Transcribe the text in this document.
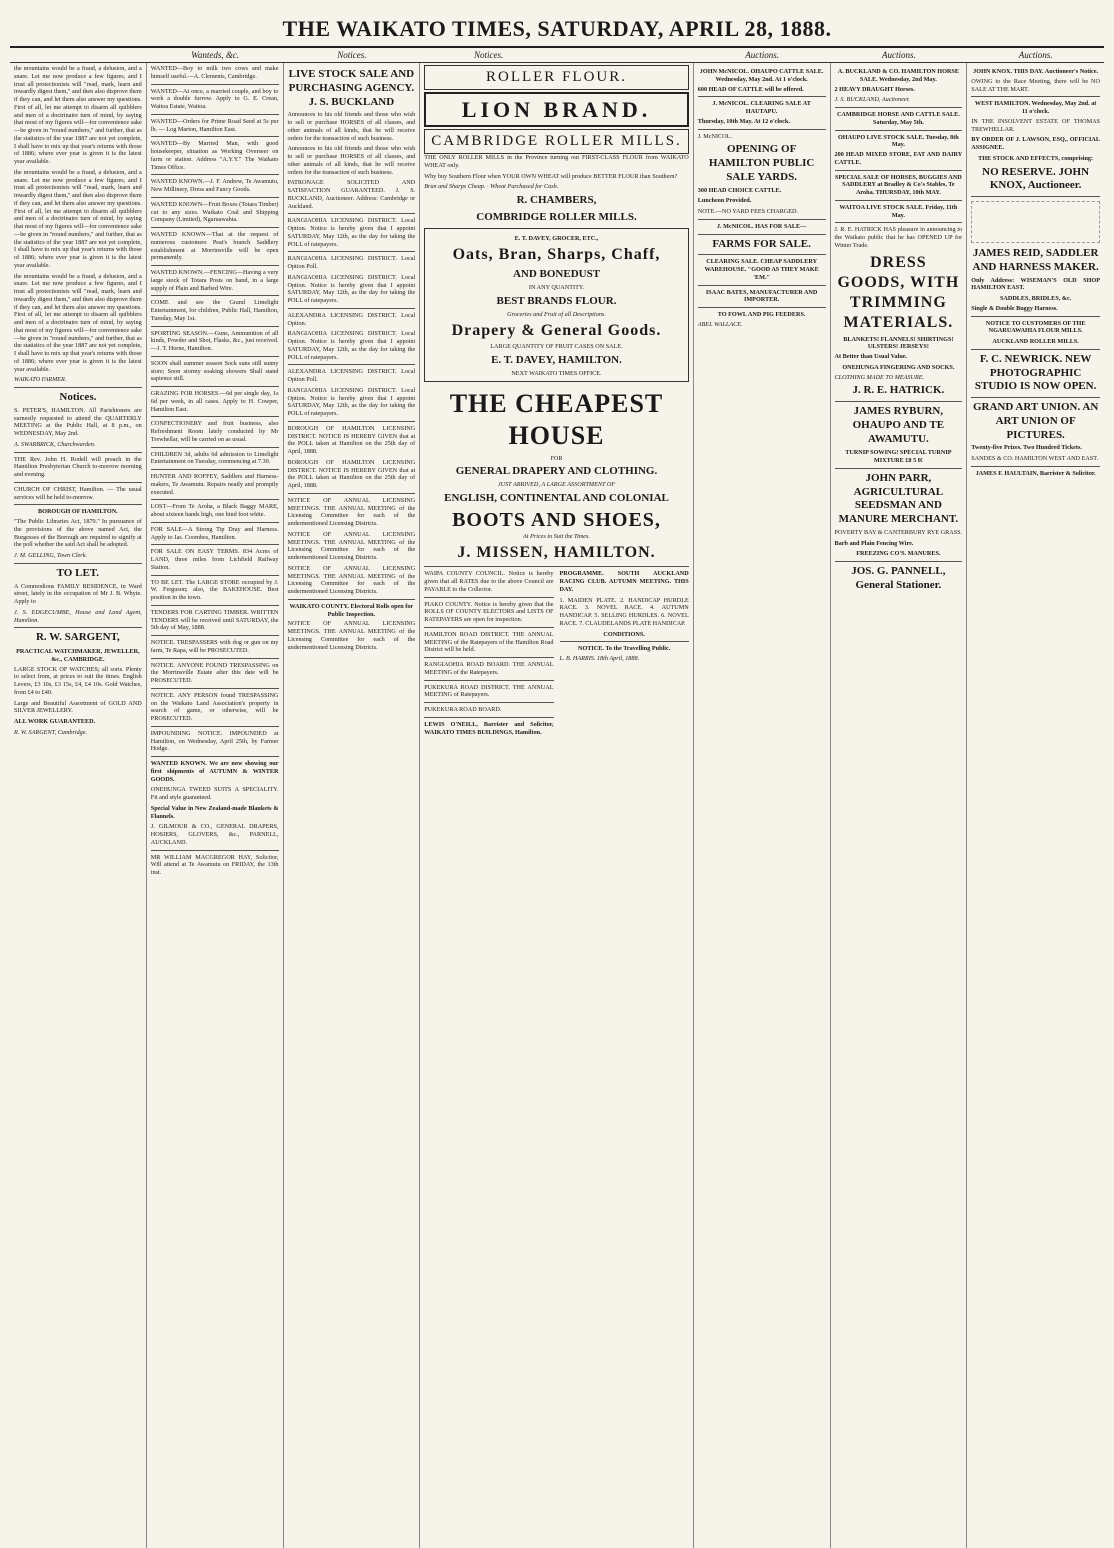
THE WAIKATO TIMES, SATURDAY, APRIL 28, 1888.
Wanteds, &c.	Notices.	Notices.	Auctions.	Auctions.	Auctions.

the mountains would be a fraud, a delusion, and a snare. Let me now produce a few figures, and I trust all protectionists will "read, mark, learn and inwardly digest them," and then also disprove them if they can, and let them also answer my questions. First of all, let me attempt to disarm all quibblers and men of a doctrinaire turn of mind, by saying that most of my figures will—for convenience sake—be given in "round numbers," and further, that as the statistics of the year 1887 are not yet complete, I shall have to mix up that year's returns with those of 1886; where ever year is given it is the latest year available.

the mountains would be a fraud, a delusion, and a snare. Let me now produce a few figures, and I trust all protectionists will "read, mark, learn and inwardly digest them," and then also disprove them if they can, and let them also answer my questions. First of all, let me attempt to disarm all quibblers and men of a doctrinaire turn of mind, by saying that most of my figures will—for convenience sake—be given in "round numbers," and further, that as the statistics of the year 1887 are not yet complete, I shall have to mix up that year's returns with those of 1886; where ever year is given it is the latest year available.

the mountains would be a fraud, a delusion, and a snare. Let me now produce a few figures, and I trust all protectionists will "read, mark, learn and inwardly digest them," and then also disprove them if they can, and let them also answer my questions. First of all, let me attempt to disarm all quibblers and men of a doctrinaire turn of mind, by saying that most of my figures will—for convenience sake—be given in "round numbers," and further, that as the statistics of the year 1887 are not yet complete, I shall have to mix up that year's returns with those of 1886; where ever year is given it is the latest year available.

WAIKATO FARMER.

Notices.

S. PETER'S, HAMILTON. All Parishioners are earnestly requested to attend the QUARTERLY MEETING at the Public Hall, at 8 p.m., on WEDNESDAY, May 2nd.

A. SWARBRICK, Churchwarden.

THE Rev. John H. Rodell will preach in the Hamilton Presbyterian Church to-morrow morning and evening.

CHURCH OF CHRIST, Hamilton. — The usual services will be held to-morrow.

BOROUGH OF HAMILTON.

"The Public Libraries Act, 1879." In pursuance of the provisions of the above named Act, the Burgesses of the Borough are required to signify at the poll whether the said Act shall be adopted.

J. M. GELLING, Town Clerk.

TO LET.

A Commodious FAMILY RESIDENCE, in Ward street, lately in the occupation of Mr J. B. Whyte. Apply to

J. S. EDGECUMBE, House and Land Agent, Hamilton.

R. W. SARGENT,
PRACTICAL WATCHMAKER, JEWELLER, &c., CAMBRIDGE.

LARGE STOCK OF WATCHES; all sorts. Plenty to select from, at prices to suit the times. English Levers, £3 10s, £3 15s, £4, £4 10s. Gold Watches, from £4 to £40.

Large and Beautiful Assortment of GOLD AND SILVER JEWELLERY.

ALL WORK GUARANTEED.

R. W. SARGENT, Cambridge.

WANTED—Boy to milk two cows and make himself useful.—A. Clements, Cambridge.

WANTED—At once, a married couple, and boy to work a double furrow. Apply to G. E. Crean, Waitoa Estate, Waitoa.

WANTED—Orders for Prime Road Seed at 5s per lb. — Log Marton, Hamilton East.

WANTED—By Married Man, with good housekeeper, situation as Working Overseer on farm or station. Address "A.Y.Y." The Waikato Times Office.

WANTED KNOWN.—J. F. Andrew, Te Awamutu, New Millinery, Dress and Fancy Goods.

WANTED KNOWN—Fruit Boxes (Totara Timber) cut to any sizes. Waikato Coal and Shipping Company (Limited), Ngaruawahia.

WANTED KNOWN—That at the request of numerous customers Peat's branch Saddlery establishment at Morrinsville will be open permanently.

WANTED KNOWN.—FENCING—Having a very large stock of Totara Posts on hand, in a large supply of Plain and Barbed Wire.

COME and see the Grand Limelight Entertainment, for children, Public Hall, Hamilton, Tuesday, May 1st.

SPORTING SEASON.—Guns, Ammunition of all kinds, Powder and Shot, Flasks, &c., just received.—J. T. Horne, Hamilton.

SOON shall summer season Sock suns still sunny store; Soon stormy soaking showers Shall stand sapience still.

GRAZING FOR HORSES.—6d per single day, 1s 6d per week, in all cases. Apply to H. Cowper, Hamilton East.

CONFECTIONERY and fruit business, also Refreshment Room lately conducted by Mr Trewhellar, will be carried on as usual.

CHILDREN 3d, adults 6d admission to Limelight Entertainment on Tuesday, commencing at 7.30.

HUNTER AND ROFFEY, Saddlers and Harness-makers, Te Awamutu. Repairs neatly and promptly executed.

LOST—From Te Aroha, a Black Baggy MARE, about sixteen hands high, one hind foot white.

FOR SALE—A Strong Tip Dray and Harness. Apply to Jas. Coombes, Hamilton.

FOR SALE ON EASY TERMS. 834 Acres of LAND, three miles from Lichfield Railway Station.

TO BE LET. The LARGE STORE occupied by J. W. Ferguson; also, the BAKEHOUSE. Best position in the town.

TENDERS FOR CARTING TIMBER. WRITTEN TENDERS will be received until SATURDAY, the 5th day of May, 1888.

NOTICE. TRESPASSERS with dog or gun on my farm, Te Rapa, will be PROSECUTED.

NOTICE. ANYONE FOUND TRESPASSING on the Morrinsville Estate after this date will be PROSECUTED.

NOTICE. ANY PERSON found TRESPASSING on the Waikato Land Association's property in search of game, or otherwise, will be PROSECUTED.

IMPOUNDING NOTICE. IMPOUNDED at Hamilton, on Wednesday, April 25th, by Farmer Hodge.

WANTED KNOWN. We are now showing our first shipments of AUTUMN & WINTER GOODS.

ONEHUNGA TWEED SUITS A SPECIALITY. Fit and style guaranteed.

Special Value in New Zealand-made Blankets & Flannels.

J. GILMOUR & CO., GENERAL DRAPERS, HOSIERS, GLOVERS, &c., PARNELL, AUCKLAND.

MR WILLIAM MACGREGOR HAY, Solicitor, Will attend at Te Awamutu on FRIDAY, the 13th inst.

LIVE STOCK SALE AND PURCHASING AGENCY. J. S. BUCKLAND

Announces to his old friends and those who wish to sell or purchase HORSES of all classes, and other animals of all kinds, that he will receive orders for the transaction of such business.

Announces to his old friends and those who wish to sell or purchase HORSES of all classes, and other animals of all kinds, that he will receive orders for the transaction of such business.

PATRONAGE SOLICITED AND SATISFACTION GUARANTEED. J. S. BUCKLAND, Auctioneer. Address: Cambridge or Auckland.

RANGIAOHIA LICENSING DISTRICT. Local Option. Notice is hereby given that I appoint SATURDAY, May 12th, as the day for taking the POLL of ratepayers.

RANGIAOHIA LICENSING DISTRICT. Local Option Poll.

RANGIAOHIA LICENSING DISTRICT. Local Option. Notice is hereby given that I appoint SATURDAY, May 12th, as the day for taking the POLL of ratepayers.

ALEXANDRA LICENSING DISTRICT. Local Option.

RANGIAOHIA LICENSING DISTRICT. Local Option. Notice is hereby given that I appoint SATURDAY, May 12th, as the day for taking the POLL of ratepayers.

ALEXANDRA LICENSING DISTRICT. Local Option Poll.

RANGIAOHIA LICENSING DISTRICT. Local Option. Notice is hereby given that I appoint SATURDAY, May 12th, as the day for taking the POLL of ratepayers.

BOROUGH OF HAMILTON LICENSING DISTRICT. NOTICE IS HEREBY GIVEN that at the POLL taken at Hamilton on the 25th day of April, 1888.

BOROUGH OF HAMILTON LICENSING DISTRICT. NOTICE IS HEREBY GIVEN that at the POLL taken at Hamilton on the 25th day of April, 1888.

NOTICE OF ANNUAL LICENSING MEETINGS. THE ANNUAL MEETING of the Licensing Committee for each of the undermentioned Licensing Districts.

NOTICE OF ANNUAL LICENSING MEETINGS. THE ANNUAL MEETING of the Licensing Committee for each of the undermentioned Licensing Districts.

NOTICE OF ANNUAL LICENSING MEETINGS. THE ANNUAL MEETING of the Licensing Committee for each of the undermentioned Licensing Districts.

WAIKATO COUNTY. Electoral Rolls open for Public Inspection.

NOTICE OF ANNUAL LICENSING MEETINGS. THE ANNUAL MEETING of the Licensing Committee for each of the undermentioned Licensing Districts.

ROLLER FLOUR.
LION BRAND.
CAMBRIDGE ROLLER MILLS.

THE ONLY ROLLER MILLS in the Province turning out FIRST-CLASS FLOUR from WAIKATO WHEAT only.

Why buy Southern Flour when YOUR OWN WHEAT will produce BETTER FLOUR than Southern?

Bran and Sharps Cheap. · Wheat Purchased for Cash.

R. CHAMBERS,
COMBRIDGE ROLLER MILLS.
E. T. DAVEY, GROCER, ETC.,
Oats, Bran, Sharps, Chaff,
AND BONEDUST
IN ANY QUANTITY.
BEST BRANDS FLOUR.
Groceries and Fruit of all Descriptions.
Drapery & General Goods.
LARGE QUANTITY OF FRUIT CASES ON SALE.
E. T. DAVEY, HAMILTON.
NEXT WAIKATO TIMES OFFICE.
THE CHEAPEST HOUSE
FOR
GENERAL DRAPERY AND CLOTHING.
JUST ARRIVED, A LARGE ASSORTMENT OF
ENGLISH, CONTINENTAL AND COLONIAL
BOOTS AND SHOES,
At Prices to Suit the Times.
J. MISSEN, HAMILTON.

WAIPA COUNTY COUNCIL. Notice is hereby given that all RATES due to the above Council are PAYABLE to the Collector.

PIAKO COUNTY. Notice is hereby given that the ROLLS OF COUNTY ELECTORS and LISTS OF RATEPAYERS are open for inspection.

HAMILTON ROAD DISTRICT. THE ANNUAL MEETING of the Ratepayers of the Hamilton Road District will be held.

RANGIAOHIA ROAD BOARD. THE ANNUAL MEETING of the Ratepayers.

PUKEKURA ROAD DISTRICT. THE ANNUAL MEETING of Ratepayers.

PUKEKURA ROAD BOARD.

LEWIS O'NEILL, Barrister and Solicitor, WAIKATO TIMES BUILDINGS, Hamilton.

PROGRAMME. SOUTH AUCKLAND RACING CLUB. AUTUMN MEETING. THIS DAY.

1. MAIDEN PLATE. 2. HANDICAP HURDLE RACE. 3. NOVEL RACE. 4. AUTUMN HANDICAP. 5. SELLING HURDLES. 6. NOVEL RACE. 7. CLAUDELANDS PLATE HANDICAP.

CONDITIONS.
NOTICE. To the Travelling Public.

L. B. HARRIS. 18th April, 1888.

JOHN McNICOL. OHAUPO CATTLE SALE. Wednesday, May 2nd. At 1 o'clock.

600 HEAD OF CATTLE will be offered.

J. McNICOL. CLEARING SALE AT HAUTAPU.

Thursday, 10th May. At 12 o'clock.

J. McNICOL.

OPENING OF HAMILTON PUBLIC SALE YARDS.

300 HEAD CHOICE CATTLE.

Luncheon Provided.

NOTE.—NO YARD FEES CHARGED.

J. McNICOL. HAS FOR SALE—
FARMS FOR SALE.
CLEARING SALE. CHEAP SADDLERY WAREHOUSE. "GOOD AS THEY MAKE 'EM."
ISAAC BATES, MANUFACTURER AND IMPORTER.
TO FOWL AND PIG FEEDERS.

ABEL WALLACE.

A. BUCKLAND & CO. HAMILTON HORSE SALE. Wednesday, 2nd May.

2 HEAVY DRAUGHT Horses.

J. S. BUCKLAND, Auctioneer.

CAMBRIDGE HORSE AND CATTLE SALE. Saturday, May 5th.
OHAUPO LIVE STOCK SALE. Tuesday, 8th May.

200 HEAD MIXED STORE, FAT AND DAIRY CATTLE.

SPECIAL SALE OF HORSES, BUGGIES AND SADDLERY at Bradley & Co's Stables, Te Aroha. THURSDAY, 10th MAY.
WAITOA LIVE STOCK SALE. Friday, 11th May.

J. R. E. HATRICK HAS pleasure in announcing to the Waikato public that he has OPENED UP for Winter Trade.

DRESS GOODS, WITH TRIMMING MATERIALS.
BLANKETS! FLANNELS! SHIRTINGS! ULSTERS! JERSEYS!

At Better than Usual Value.

ONEHUNGA FINGERING AND SOCKS.

CLOTHING MADE TO MEASURE.

J. R. E. HATRICK.
JAMES RYBURN, OHAUPO AND TE AWAMUTU.
TURNIP SOWING! SPECIAL TURNIP MIXTURE £8 5 0!
JOHN PARR, AGRICULTURAL SEEDSMAN AND MANURE MERCHANT.

POVERTY BAY & CANTERBURY RYE GRASS.

Barb and Plain Fencing Wire.

FREEZING CO'S. MANURES.
JOS. G. PANNELL, General Stationer.
JOHN KNOX. THIS DAY. Auctioneer's Notice.

OWING to the Race Meeting, there will be NO SALE AT THE MART.

WEST HAMILTON. Wednesday, May 2nd. at 11 o'clock.

IN THE INSOLVENT ESTATE OF THOMAS TREWHELLAR.

BY ORDER OF J. LAWSON, ESQ., OFFICIAL ASSIGNEE.

THE STOCK AND EFFECTS, comprising:
NO RESERVE. JOHN KNOX, Auctioneer.
JAMES REID, SADDLER AND HARNESS MAKER.

Only Address: WISEMAN'S OLD SHOP HAMILTON EAST.

SADDLES, BRIDLES, &c.

Single & Double Buggy Harness.

NOTICE TO CUSTOMERS OF THE NGARUAWAHIA FLOUR MILLS.
AUCKLAND ROLLER MILLS.
F. C. NEWRICK. NEW PHOTOGRAPHIC STUDIO IS NOW OPEN.
GRAND ART UNION. AN ART UNION OF PICTURES.

Twenty-five Prizes. Two Hundred Tickets.

SANDES & CO. HAMILTON WEST AND EAST.

JAMES F. HAULTAIN, Barrister & Solicitor.
